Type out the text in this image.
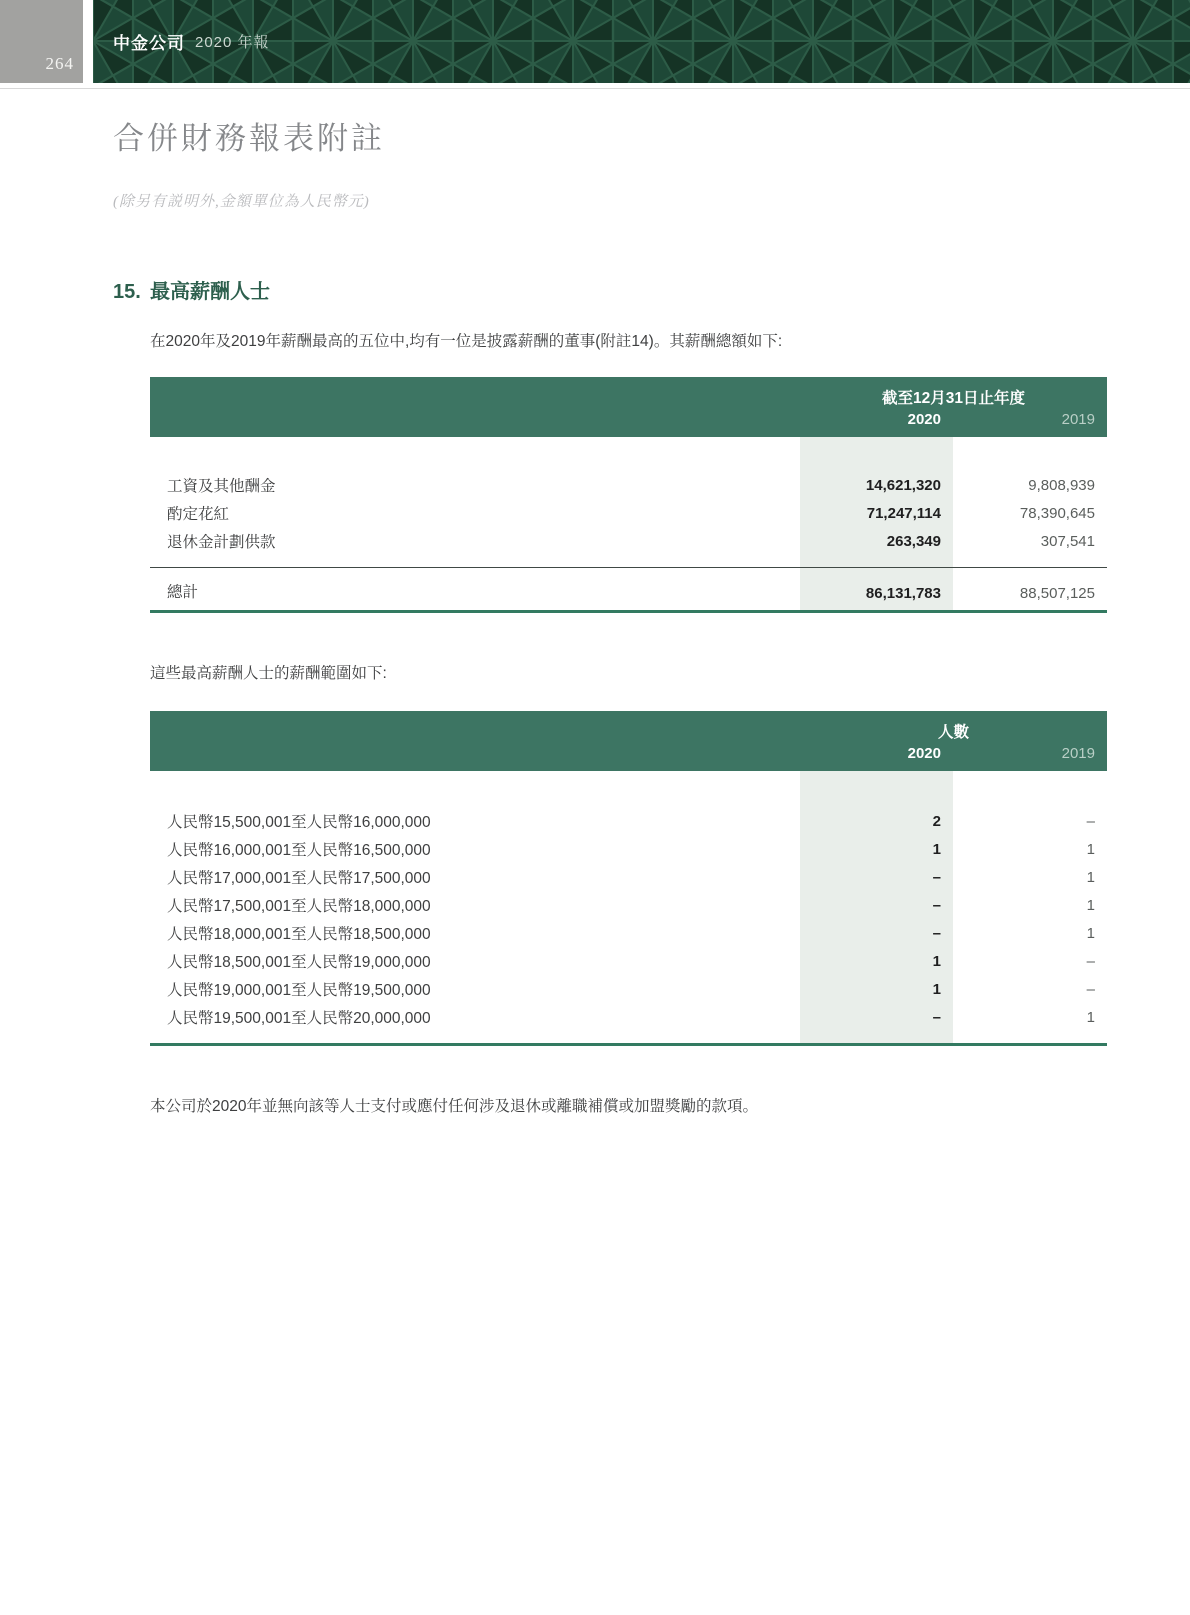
264
中金公司 2020 年報
合併財務報表附註
(除另有説明外,金額單位為人民幣元)
15. 最高薪酬人士

在2020年及2019年薪酬最高的五位中,均有一位是披露薪酬的董事(附註14)。其薪酬總額如下:

截至12月31日止年度
2020	2019
工資及其他酬金	14,621,320	9,808,939
酌定花紅	71,247,114	78,390,645
退休金計劃供款	263,349	307,541
總計	86,131,783	88,507,125

這些最高薪酬人士的薪酬範圍如下:

人數
2020	2019
人民幣15,500,001至人民幣16,000,000	2	–
人民幣16,000,001至人民幣16,500,000	1	1
人民幣17,000,001至人民幣17,500,000	–	1
人民幣17,500,001至人民幣18,000,000	–	1
人民幣18,000,001至人民幣18,500,000	–	1
人民幣18,500,001至人民幣19,000,000	1	–
人民幣19,000,001至人民幣19,500,000	1	–
人民幣19,500,001至人民幣20,000,000	–	1

本公司於2020年並無向該等人士支付或應付任何涉及退休或離職補償或加盟獎勵的款項。
